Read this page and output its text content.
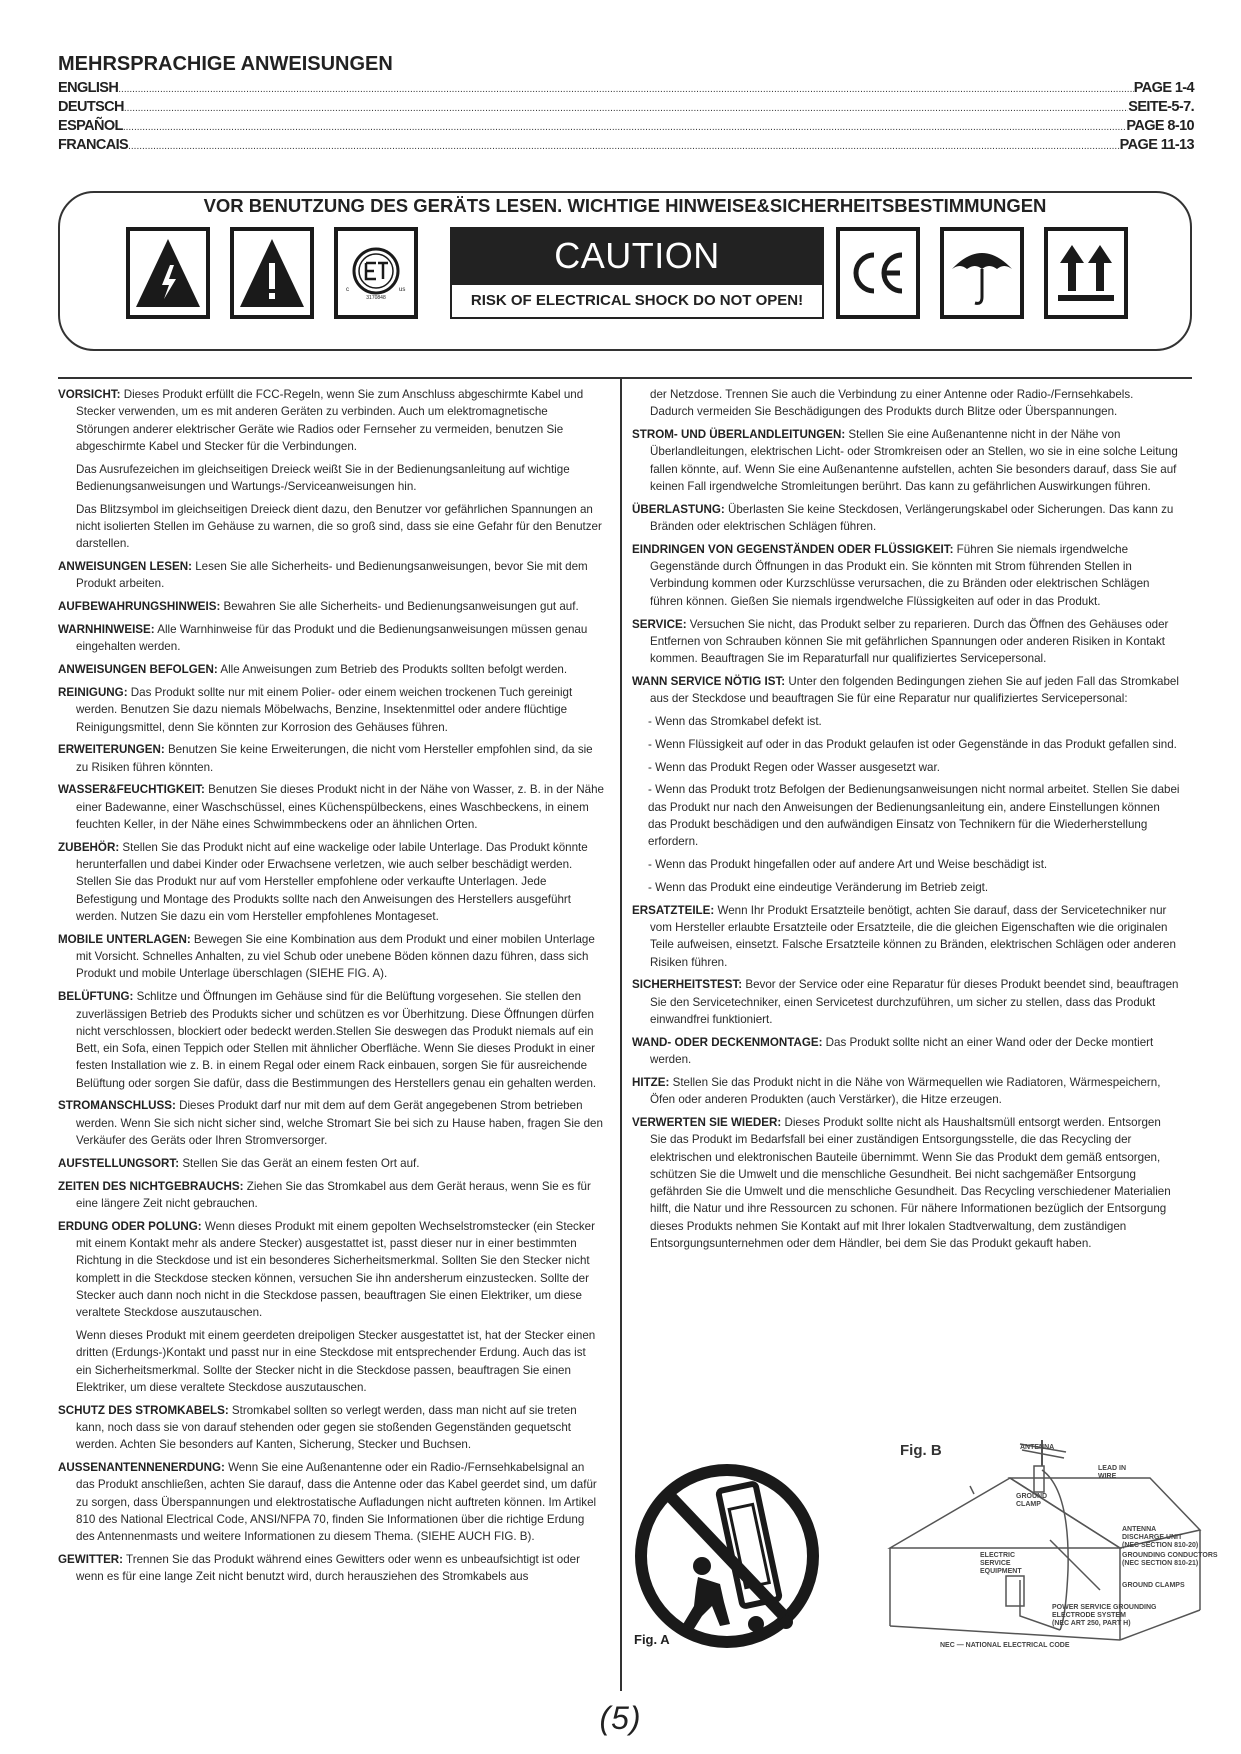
MEHRSPRACHIGE ANWEISUNGEN
ENGLISH .....	PAGE 1-4
DEUTSCH .....	SEITE-5-7.
ESPAÑOL .....	PAGE 8-10
FRANCAIS .....	PAGE 11-13
VOR BENUTZUNG DES GERÄTS LESEN. WICHTIGE HINWEISE&SICHERHEITSBESTIMMUNGEN
c	us
3170848
CAUTION
RISK OF ELECTRICAL SHOCK DO NOT OPEN!

VORSICHT: Dieses Produkt erfüllt die FCC-Regeln, wenn Sie zum Anschluss abgeschirmte Kabel und Stecker verwenden, um es mit anderen Geräten zu verbinden. Auch um elektromagnetische Störungen anderer elektrischer Geräte wie Radios oder Fernseher zu vermeiden, benutzen Sie abgeschirmte Kabel und Stecker für die Verbindungen.

Das Ausrufezeichen im gleichseitigen Dreieck weißt Sie in der Bedienungsanleitung auf wichtige Bedienungsanweisungen und Wartungs-/Serviceanweisungen hin.

Das Blitzsymbol im gleichseitigen Dreieck dient dazu, den Benutzer vor gefährlichen Spannungen an nicht isolierten Stellen im Gehäuse zu warnen, die so groß sind, dass sie eine Gefahr für den Benutzer darstellen.

ANWEISUNGEN LESEN: Lesen Sie alle Sicherheits- und Bedienungsanweisungen, bevor Sie mit dem Produkt arbeiten.

AUFBEWAHRUNGSHINWEIS: Bewahren Sie alle Sicherheits- und Bedienungsanweisungen gut auf.

WARNHINWEISE: Alle Warnhinweise für das Produkt und die Bedienungsanweisungen müssen genau eingehalten werden.

ANWEISUNGEN BEFOLGEN: Alle Anweisungen zum Betrieb des Produkts sollten befolgt werden.

REINIGUNG: Das Produkt sollte nur mit einem Polier- oder einem weichen trockenen Tuch gereinigt werden. Benutzen Sie dazu niemals Möbelwachs, Benzine, Insektenmittel oder andere flüchtige Reinigungsmittel, denn Sie könnten zur Korrosion des Gehäuses führen.

ERWEITERUNGEN: Benutzen Sie keine Erweiterungen, die nicht vom Hersteller empfohlen sind, da sie zu Risiken führen könnten.

WASSER&FEUCHTIGKEIT: Benutzen Sie dieses Produkt nicht in der Nähe von Wasser, z. B. in der Nähe einer Badewanne, einer Waschschüssel, eines Küchenspülbeckens, eines Waschbeckens, in einem feuchten Keller, in der Nähe eines Schwimmbeckens oder an ähnlichen Orten.

ZUBEHÖR: Stellen Sie das Produkt nicht auf eine wackelige oder labile Unterlage. Das Produkt könnte herunterfallen und dabei Kinder oder Erwachsene verletzen, wie auch selber beschädigt werden. Stellen Sie das Produkt nur auf vom Hersteller empfohlene oder verkaufte Unterlagen. Jede Befestigung und Montage des Produkts sollte nach den Anweisungen des Herstellers ausgeführt werden. Nutzen Sie dazu ein vom Hersteller empfohlenes Montageset.

MOBILE UNTERLAGEN: Bewegen Sie eine Kombination aus dem Produkt und einer mobilen Unterlage mit Vorsicht. Schnelles Anhalten, zu viel Schub oder unebene Böden können dazu führen, dass sich Produkt und mobile Unterlage überschlagen (SIEHE FIG. A).

BELÜFTUNG: Schlitze und Öffnungen im Gehäuse sind für die Belüftung vorgesehen. Sie stellen den zuverlässigen Betrieb des Produkts sicher und schützen es vor Überhitzung. Diese Öffnungen dürfen nicht verschlossen, blockiert oder bedeckt werden.Stellen Sie deswegen das Produkt niemals auf ein Bett, ein Sofa, einen Teppich oder Stellen mit ähnlicher Oberfläche. Wenn Sie dieses Produkt in einer festen Installation wie z. B. in einem Regal oder einem Rack einbauen, sorgen Sie für ausreichende Belüftung oder sorgen Sie dafür, dass die Bestimmungen des Herstellers genau ein gehalten werden.

STROMANSCHLUSS: Dieses Produkt darf nur mit dem auf dem Gerät angegebenen Strom betrieben werden. Wenn Sie sich nicht sicher sind, welche Stromart Sie bei sich zu Hause haben, fragen Sie den Verkäufer des Geräts oder Ihren Stromversorger.

AUFSTELLUNGSORT: Stellen Sie das Gerät an einem festen Ort auf.

ZEITEN DES NICHTGEBRAUCHS: Ziehen Sie das Stromkabel aus dem Gerät heraus, wenn Sie es für eine längere Zeit nicht gebrauchen.

ERDUNG ODER POLUNG: Wenn dieses Produkt mit einem gepolten Wechselstromstecker (ein Stecker mit einem Kontakt mehr als andere Stecker) ausgestattet ist, passt dieser nur in einer bestimmten Richtung in die Steckdose und ist ein besonderes Sicherheitsmerkmal. Sollten Sie den Stecker nicht komplett in die Steckdose stecken können, versuchen Sie ihn andersherum einzustecken. Sollte der Stecker auch dann noch nicht in die Steckdose passen, beauftragen Sie einen Elektriker, um diese veraltete Steckdose auszutauschen.

Wenn dieses Produkt mit einem geerdeten dreipoligen Stecker ausgestattet ist, hat der Stecker einen dritten (Erdungs-)Kontakt und passt nur in eine Steckdose mit entsprechender Erdung. Auch das ist ein Sicherheitsmerkmal. Sollte der Stecker nicht in die Steckdose passen, beauftragen Sie einen Elektriker, um diese veraltete Steckdose auszutauschen.

SCHUTZ DES STROMKABELS: Stromkabel sollten so verlegt werden, dass man nicht auf sie treten kann, noch dass sie von darauf stehenden oder gegen sie stoßenden Gegenständen gequetscht werden. Achten Sie besonders auf Kanten, Sicherung, Stecker und Buchsen.

AUSSENANTENNENERDUNG: Wenn Sie eine Außenantenne oder ein Radio-/Fernsehkabelsignal an das Produkt anschließen, achten Sie darauf, dass die Antenne oder das Kabel geerdet sind, um dafür zu sorgen, dass Überspannungen und elektrostatische Aufladungen nicht auftreten können. Im Artikel 810 des National Electrical Code, ANSI/NFPA 70, finden Sie Informationen über die richtige Erdung des Antennenmasts und weitere Informationen zu diesem Thema. (SIEHE AUCH FIG. B).

GEWITTER: Trennen Sie das Produkt während eines Gewitters oder wenn es unbeaufsichtigt ist oder wenn es für eine lange Zeit nicht benutzt wird, durch herausziehen des Stromkabels aus

der Netzdose. Trennen Sie auch die Verbindung zu einer Antenne oder Radio-/Fernsehkabels. Dadurch vermeiden Sie Beschädigungen des Produkts durch Blitze oder Überspannungen.

STROM- UND ÜBERLANDLEITUNGEN: Stellen Sie eine Außenantenne nicht in der Nähe von Überlandleitungen, elektrischen Licht- oder Stromkreisen oder an Stellen, wo sie in eine solche Leitung fallen könnte, auf. Wenn Sie eine Außenantenne aufstellen, achten Sie besonders darauf, dass Sie auf keinen Fall irgendwelche Stromleitungen berührt. Das kann zu gefährlichen Auswirkungen führen.

ÜBERLASTUNG: Überlasten Sie keine Steckdosen, Verlängerungskabel oder Sicherungen. Das kann zu Bränden oder elektrischen Schlägen führen.

EINDRINGEN VON GEGENSTÄNDEN ODER FLÜSSIGKEIT: Führen Sie niemals irgendwelche Gegenstände durch Öffnungen in das Produkt ein. Sie könnten mit Strom führenden Stellen in Verbindung kommen oder Kurzschlüsse verursachen, die zu Bränden oder elektrischen Schlägen führen können. Gießen Sie niemals irgendwelche Flüssigkeiten auf oder in das Produkt.

SERVICE: Versuchen Sie nicht, das Produkt selber zu reparieren. Durch das Öffnen des Gehäuses oder Entfernen von Schrauben können Sie mit gefährlichen Spannungen oder anderen Risiken in Kontakt kommen. Beauftragen Sie im Reparaturfall nur qualifiziertes Servicepersonal.

WANN SERVICE NÖTIG IST: Unter den folgenden Bedingungen ziehen Sie auf jeden Fall das Stromkabel aus der Steckdose und beauftragen Sie für eine Reparatur nur qualifiziertes Servicepersonal:

- Wenn das Stromkabel defekt ist.

- Wenn Flüssigkeit auf oder in das Produkt gelaufen ist oder Gegenstände in das Produkt gefallen sind.

- Wenn das Produkt Regen oder Wasser ausgesetzt war.

- Wenn das Produkt trotz Befolgen der Bedienungsanweisungen nicht normal arbeitet. Stellen Sie dabei das Produkt nur nach den Anweisungen der Bedienungsanleitung ein, andere Einstellungen können das Produkt beschädigen und den aufwändigen Einsatz von Technikern für die Wiederherstellung erfordern.

- Wenn das Produkt hingefallen oder auf andere Art und Weise beschädigt ist.

- Wenn das Produkt eine eindeutige Veränderung im Betrieb zeigt.

ERSATZTEILE: Wenn Ihr Produkt Ersatzteile benötigt, achten Sie darauf, dass der Servicetechniker nur vom Hersteller erlaubte Ersatzteile oder Ersatzteile, die die gleichen Eigenschaften wie die originalen Teile aufweisen, einsetzt. Falsche Ersatzteile können zu Bränden, elektrischen Schlägen oder anderen Risiken führen.

SICHERHEITSTEST: Bevor der Service oder eine Reparatur für dieses Produkt beendet sind, beauftragen Sie den Servicetechniker, einen Servicetest durchzuführen, um sicher zu stellen, dass das Produkt einwandfrei funktioniert.

WAND- ODER DECKENMONTAGE: Das Produkt sollte nicht an einer Wand oder der Decke montiert werden.

HITZE: Stellen Sie das Produkt nicht in die Nähe von Wärmequellen wie Radiatoren, Wärmespeichern, Öfen oder anderen Produkten (auch Verstärker), die Hitze erzeugen.

VERWERTEN SIE WIEDER: Dieses Produkt sollte nicht als Haushaltsmüll entsorgt werden. Entsorgen Sie das Produkt im Bedarfsfall bei einer zuständigen Entsorgungsstelle, die das Recycling der elektrischen und elektronischen Bauteile übernimmt. Wenn Sie das Produkt dem gemäß entsorgen, schützen Sie die Umwelt und die menschliche Gesundheit. Bei nicht sachgemäßer Entsorgung gefährden Sie die Umwelt und die menschliche Gesundheit. Das Recycling verschiedener Materialien hilft, die Natur und ihre Ressourcen zu schonen. Für nähere Informationen bezüglich der Entsorgung dieses Produkts nehmen Sie Kontakt auf mit Ihrer lokalen Stadtverwaltung, dem zuständigen Entsorgungsunternehmen oder dem Händler, bei dem Sie das Produkt gekauft haben.

Fig. A
Fig. B	ANTENNA
LEAD IN
WIRE
GROUND
CLAMP
ANTENNA
DISCHARGE UNIT
(NEC SECTION 810-20)
GROUNDING CONDUCTORS
(NEC SECTION 810-21)
ELECTRIC
SERVICE
EQUIPMENT
GROUND CLAMPS
POWER SERVICE GROUNDING
ELECTRODE SYSTEM
(NEC ART 250, PART H)
NEC — NATIONAL ELECTRICAL CODE
(5)
